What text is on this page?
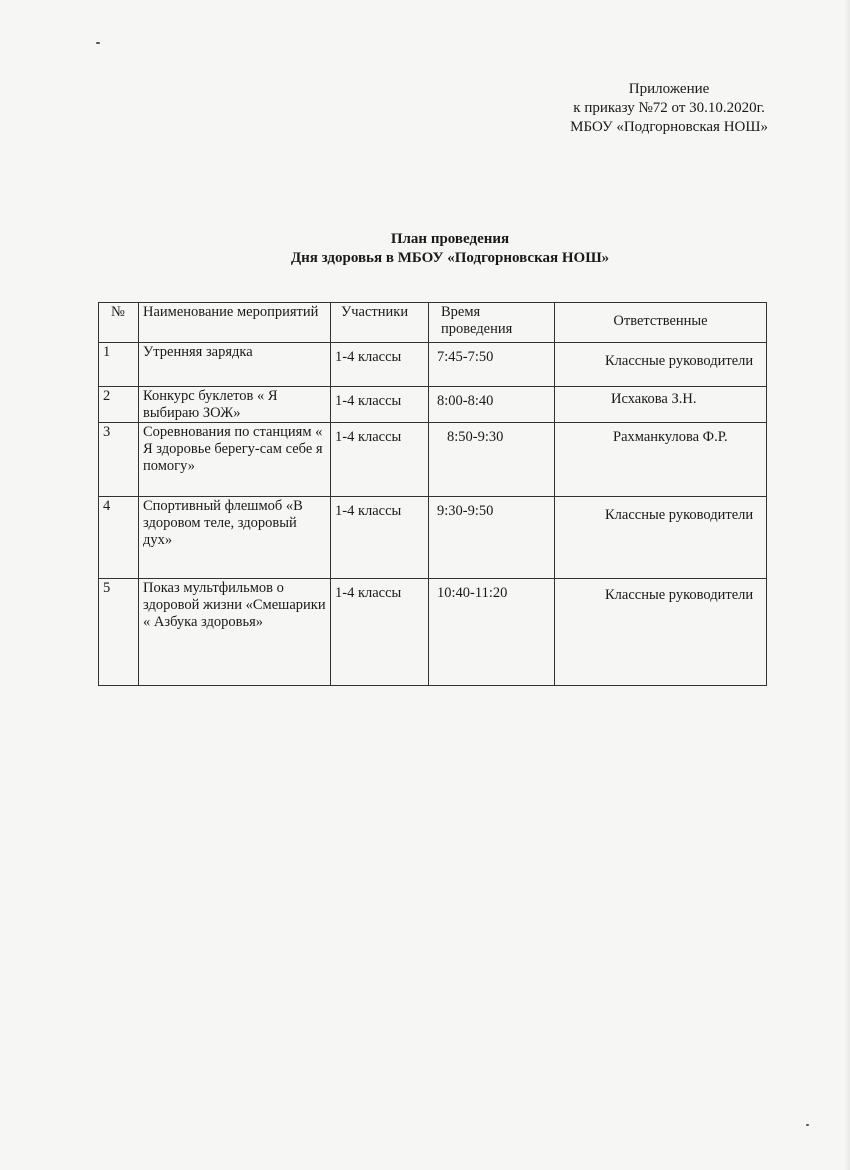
Приложение
к приказу №72 от 30.10.2020г.
МБОУ «Подгорновская НОШ»
План проведения
Дня здоровья в МБОУ «Подгорновская НОШ»
№	Наименование мероприятий	Участники	Время проведения	Ответственные
1	Утренняя зарядка	1-4 классы	7:45-7:50	Классные руководители
2	Конкурс буклетов « Я выбираю ЗОЖ»	1-4 классы	8:00-8:40	Исхакова З.Н.
3	Соревнования по станциям « Я здоровье берегу-сам себе я помогу»	1-4 классы	8:50-9:30	Рахманкулова Ф.Р.
4	Спортивный флешмоб «В здоровом теле, здоровый дух»	1-4 классы	9:30-9:50	Классные руководители
5	Показ мультфильмов о здоровой жизни «Смешарики « Азбука здоровья»	1-4 классы	10:40-11:20	Классные руководители
